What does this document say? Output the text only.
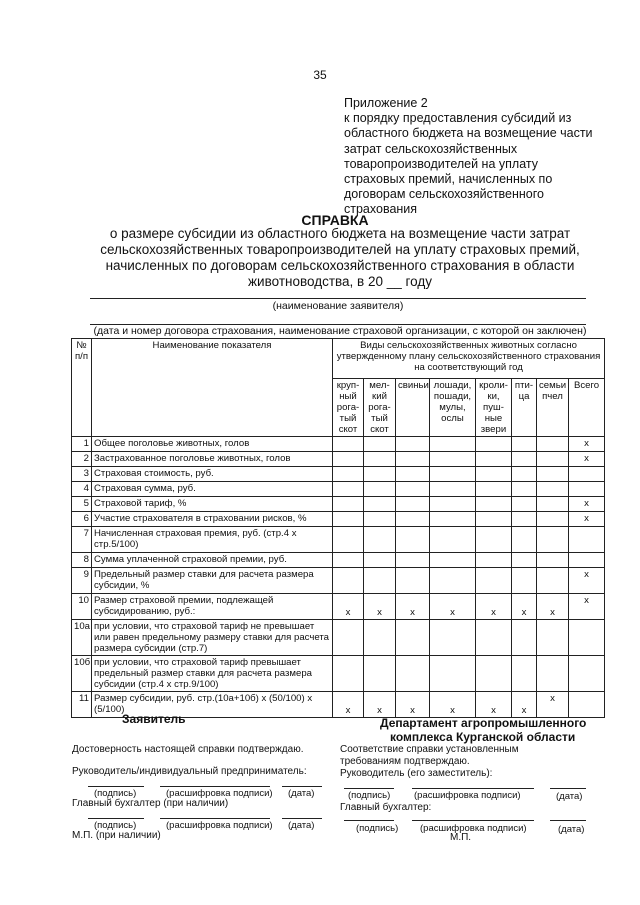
35
Приложение 2
к порядку предоставления субсидий из
областного бюджета на возмещение части
затрат сельскохозяйственных
товаропроизводителей на уплату
страховых премий, начисленных по
договорам сельскохозяйственного
страхования
СПРАВКА
о размере субсидии из областного бюджета на возмещение части затрат
сельскохозяйственных товаропроизводителей на уплату страховых премий,
начисленных по договорам сельскохозяйственного страхования в области
животноводства, в 20 __ году
(наименование заявителя)
(дата и номер договора страхования, наименование страховой организации, с которой он заключен)
№ п/п	Наименование показателя	Виды сельскохозяйственных животных согласно утвержденному плану сельскохозяйственного страхования на соответствующий год							
		круп-ный рога-тый скот	мел-кий рога-тый скот	свиньи	лошади, пошади, мулы, ослы	кроли-ки, пуш-ные звери	пти-ца	семьи пчел	Всего
1	Общее поголовье животных, голов								x
2	Застрахованное поголовье животных, голов								x
3	Страховая стоимость, руб.								
4	Страховая сумма, руб.								
5	Страховой тариф, %								x
6	Участие страхователя в страховании рисков, %								x
7	Начисленная страховая премия, руб. (стр.4 х стр.5/100)								
8	Сумма уплаченной страховой премии, руб.								
9	Предельный размер ставки для расчета размера субсидии, %								x
10	Размер страховой премии, подлежащей субсидированию, руб.:	x	x	x	x	x	x	x	x
10а	при условии, что страховой тариф не превышает или равен предельному размеру ставки для расчета размера субсидии (стр.7)								
10б	при условии, что страховой тариф превышает предельный размер ставки для расчета размера субсидии (стр.4 х стр.9/100)								
11	Размер субсидии, руб. стр.(10а+10б) х (50/100) х (5/100)	x	x	x	x	x	x	x	
Заявитель	Департамент агропромышленного
комплекса Курганской области
Достоверность настоящей справки подтверждаю.	Соответствие справки установленным
требованиям подтверждаю.
Руководитель/индивидуальный предприниматель:	Руководитель (его заместитель):
(подпись)	(расшифровка подписи) (дата)	(подпись)	(расшифровка подписи)	(дата)
Главный бухгалтер (при наличии)	Главный бухгалтер:
(подпись)	(расшифровка подписи) (дата)	(подпись) (расшифровка подписи)	(дата)
М.П. (при наличии)	М.П.
